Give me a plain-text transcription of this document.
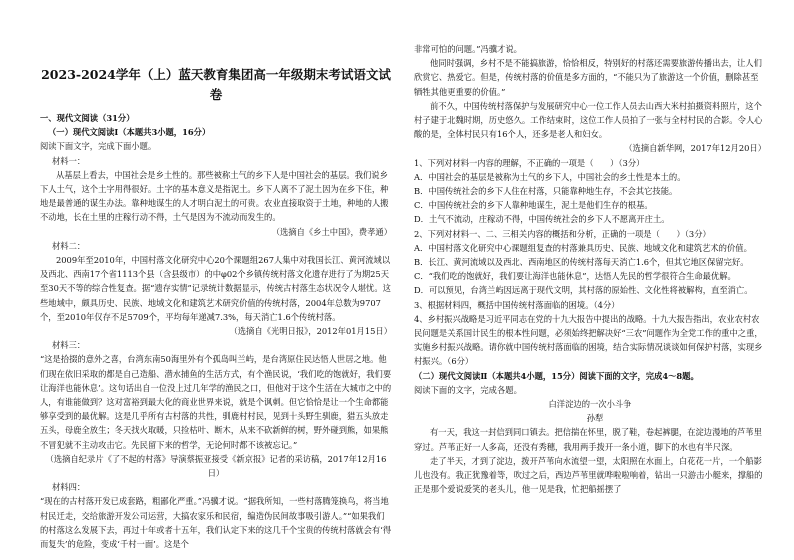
2023-2024学年（上）蓝天教育集团高一年级期末考试语文试

卷

一、现代文阅读（31分）

（一）现代文阅读Ⅰ（本题共3小题，16分）

阅读下面文字，完成下面小题。

材料一：

从基层上看去，中国社会是乡土性的。那些被称土气的乡下人是中国社会的基层。我们说乡下人土气，这个土字用得很好。土字的基本意义是指泥土。乡下人离不了泥土因为在乡下住，种地是最普通的谋生办法。靠种地谋生的人才明白泥土的可贵。农业直接取资于土地，种地的人搬不动地，长在土里的庄稼行动不得，土气是因为不流动而发生的。

（选摘自《乡土中国》，费孝通）

材料二：

2009年至2010年，中国村落文化研究中心20个课题组267人集中对我国长江、黄河流域以及西北、西南17个省1113个县（含县级市）的中φ02个乡镇传统村落文化遗存进行了为期25天至30天不等的综合性复查。据“遗存实情”记录统计数据显示，传统古村落生态状况令人堪忧。这些地域中，颇具历史、民族、地域文化和建筑艺术研究价值的传统村落，2004年总数为9707个，至2010年仅存不足5709个，平均每年递减7.3%，每天消亡1.6个传统村落。

（选摘自《光明日报》，2012年01月15日）

材料三：

“这是拾掇的意外之喜，台湾东南50海里外有个孤岛叫兰屿，是台湾原住民达悟人世居之地。他们现在依旧采取的都是自己造船、潜水捕鱼的生活方式，有个渔民说，‘我们吃的饱就好，我们要让海洋也能休息’。这句话出自一位没上过几年学的渔民之口，但他对于这个生活在大城市之中的人，有谁能做到？这对富裕到最大化的商业世界来说，就是个讽刺。但它恰恰是让一个生命都能够享受到的最优解。这是几乎所有古村落的共性，驯鹿村村民，见到十头野生驯鹿，猎五头放走五头，母鹿全放生；冬天找火取暖，只捡枯叶、断木，从来不砍新鲜的树，野外碰到熊，如果熊不冒犯就不主动攻击它。先民留下来的哲学，无论何时都不该被忘记。”

（选摘自纪录片《了不起的村落》导演蔡振亚接受《新京报》记者的采访稿，2017年12月16日）

材料四：

“现在的古村落开发已成套路，粗鄙化严重。”冯骥才说。“据我所知，一些村落腾笼换鸟，将当地村民迁走，交给旅游开发公司运营，大搞农家乐和民宿，编造伪民间故事吸引游人。”“如果我们的村落这么发展下去，再过十年或者十五年，我们认定下来的这几千个宝贵的传统村落就会有‘得而复失’的危险，变成‘千村一面’。这是个

非常可怕的问题。”冯骥才说。

他同时强调，乡村不是不能搞旅游，恰恰相反，特别好的村落还需要旅游传播出去，让人们欣赏它、热爱它。但是，传统村落的价值是多方面的，“不能只为了旅游这一个价值，删除甚至牺牲其他更重要的价值。”

前不久，中国传统村落保护与发展研究中心一位工作人员去山西大米村拍摄资料照片，这个村子建于北魏时期，历史悠久。工作结束时，这位工作人员拍了一张与全村村民的合影。令人心酸的是，全体村民只有16个人，还多是老人和妇女。

（选摘自新华网，2017年12月20日）

1、下列对材料一内容的理解，不正确的一项是（　　）（3分）

A．中国社会的基层是被称为土气的乡下人，中国社会的乡土性是本土的。

B．中国传统社会的乡下人住在村落，只能靠种地生存，不会其它技能。

C．中国传统社会的乡下人靠种地谋生，泥土是他们生存的根基。

D．土气不流动，庄稼动不得，中国传统社会的乡下人不愿离开庄土。

2、下列对材料一、二、三相关内容的概括和分析，正确的一项是（　　）（3分）

A．中国村落文化研究中心课题组复查的村落兼具历史、民族、地域文化和建筑艺术的价值。

B．长江、黄河流域以及西北、西南地区的传统村落每天消亡1.6个，但其它地区保留完好。

C．“我们吃的饱就好，我们要让海洋也能休息”，达悟人先民的哲学很符合生命最优解。

D．可以预见，台湾兰屿因远离于现代文明，其村落的原始性、文化性将被解构，直至消亡。

3、根据材料四，概括中国传统村落面临的困境。（4分）

4、乡村振兴战略是习近平同志在党的十九大报告中提出的战略。十九大报告指出，农业农村农民问题是关系国计民生的根本性问题，必须始终把解决好“三农”问题作为全党工作的重中之重，实施乡村振兴战略。请你就中国传统村落面临的困境，结合实际情况谈谈如何保护村落，实现乡村振兴。（6分）

（二）现代文阅读Ⅱ（本题共4小题，15分）阅读下面的文字，完成4～8题。

阅读下面的文字，完成各题。

白洋淀边的一次小斗争

孙犁

有一天，我这一封信到同口镇去。把信揣在怀里，脱了鞋，卷起裤腿，在淀边漫地的芦苇里穿过。芦苇正好一人多高，还没有秀穗，我用两手拨开一条小道，脚下的水也有半尺深。

走了半天，才到了淀边，拨开芦苇向水流望一望，太阳照在水面上，白花花一片，一个船影儿也没有。我正犹豫着等，吹过之后，西边芦苇里就哗啦啦响着，钻出一只游击小艇来，撑船的正是那个爱说爱笑的老头儿，他一见是我，忙把船摇摆了
